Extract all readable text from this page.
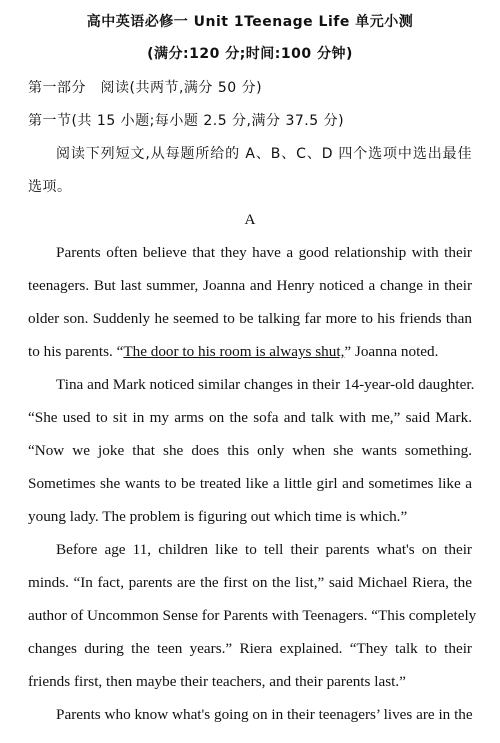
高中英语必修一 Unit 1Teenage Life 单元小测
(满分:120 分;时间:100 分钟)
第一部分　阅读(共两节,满分 50 分)
第一节(共 15 小题;每小题 2.5 分,满分 37.5 分)
阅读下列短文,从每题所给的 A、B、C、D 四个选项中选出最佳
选项。
A
Parents often believe that they have a good relationship with their
teenagers. But last summer, Joanna and Henry noticed a change in their
older son. Suddenly he seemed to be talking far more to his friends than
to his parents. “The door to his room is always shut,” Joanna noted.
Tina and Mark noticed similar changes in their 14-year-old daughter.
“She used to sit in my arms on the sofa and talk with me,” said Mark.
“Now we joke that she does this only when she wants something.
Sometimes she wants to be treated like a little girl and sometimes like a
young lady. The problem is figuring out which time is which.”
Before age 11, children like to tell their parents what's on their
minds. “In fact, parents are the first on the list,” said Michael Riera, the
author of Uncommon Sense for Parents with Teenagers. “This completely
changes during the teen years.” Riera explained. “They talk to their
friends first, then maybe their teachers, and their parents last.”
Parents who know what's going on in their teenagers’ lives are in the
